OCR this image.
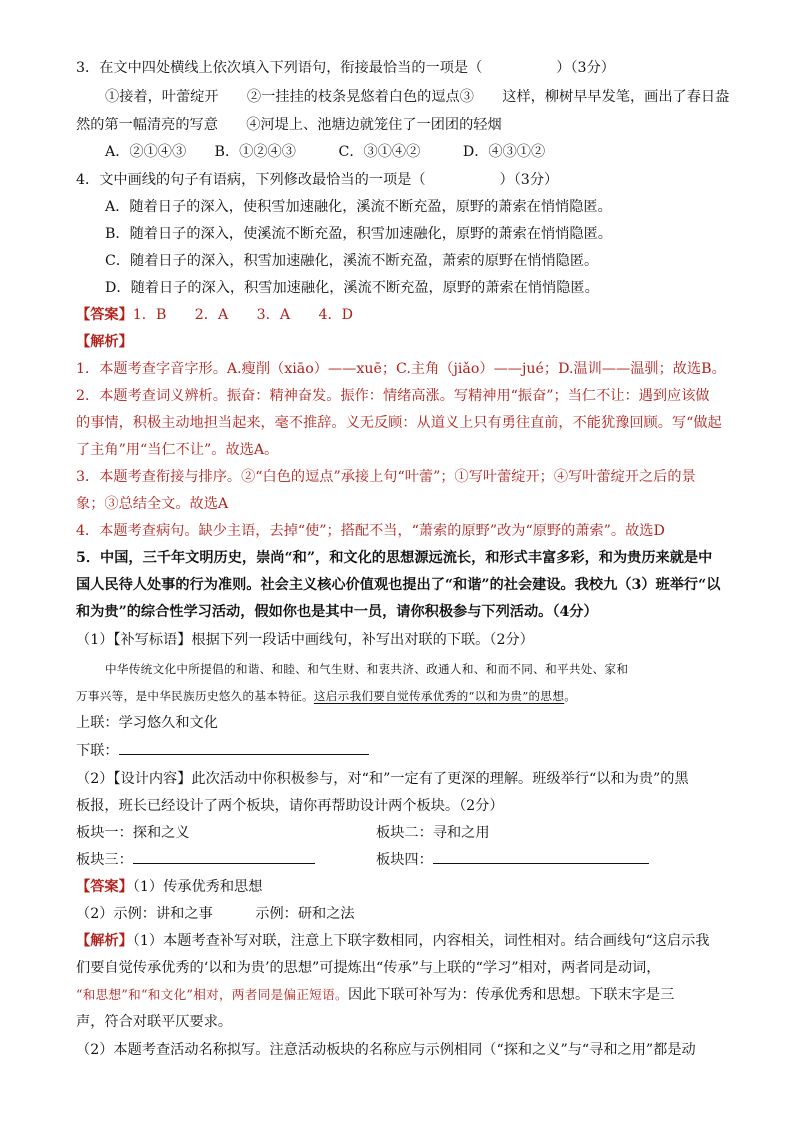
3．在文中四处横线上依次填入下列语句，衔接最恰当的一项是（	）（3分）
①接着，叶蕾绽开　　②一挂挂的枝条晃悠着白色的逗点③　　这样，柳树早早发笔，画出了春日盎
然的第一幅清亮的写意　　④河堤上、池塘边就笼住了一团团的轻烟
A．②①④③　　B．①②④③　　　C．③①④②　　　D．④③①②
4．文中画线的句子有语病，下列修改最恰当的一项是（	）（3分）
A．随着日子的深入，使积雪加速融化，溪流不断充盈，原野的萧索在悄悄隐匿。
B．随着日子的深入，使溪流不断充盈，积雪加速融化，原野的萧索在悄悄隐匿。
C．随着日子的深入，积雪加速融化，溪流不断充盈，萧索的原野在悄悄隐匿。
D．随着日子的深入，积雪加速融化，溪流不断充盈，原野的萧索在悄悄隐匿。
【答案】1．B　　2．A　　3．A　　4．D
【解析】
1．本题考查字音字形。A.瘦削（xiāo）——xuē；C.主角（jiǎo）——jué；D.温训——温驯；故选B。
2．本题考查词义辨析。振奋：精神奋发。振作：情绪高涨。写精神用“振奋”；当仁不让：遇到应该做
的事情，积极主动地担当起来，毫不推辞。义无反顾：从道义上只有勇往直前，不能犹豫回顾。写“做起
了主角”用“当仁不让”。故选A。
3．本题考查衔接与排序。②“白色的逗点”承接上句“叶蕾”；①写叶蕾绽开；④写叶蕾绽开之后的景
象；③总结全文。故选A
4．本题考查病句。缺少主语，去掉“使”；搭配不当，“萧索的原野”改为“原野的萧索”。故选D
5．中国，三千年文明历史，崇尚“和”，和文化的思想源远流长，和形式丰富多彩，和为贵历来就是中
国人民待人处事的行为准则。社会主义核心价值观也提出了“和谐”的社会建设。我校九（3）班举行“以
和为贵”的综合性学习活动，假如你也是其中一员，请你积极参与下列活动。（4分）
（1）【补写标语】根据下列一段话中画线句，补写出对联的下联。（2分）
中华传统文化中所提倡的和谐、和睦、和气生财、和衷共济、政通人和、和而不同、和平共处、家和
万事兴等，是中华民族历史悠久的基本特征。这启示我们要自觉传承优秀的“以和为贵”的思想。
上联：学习悠久和文化
下联：
（2）【设计内容】此次活动中你积极参与，对“和”一定有了更深的理解。班级举行“以和为贵”的黑
板报，班长已经设计了两个板块，请你再帮助设计两个板块。（2分）
板块一：探和之义	板块二：寻和之用
板块三：	板块四：
【答案】（1）传承优秀和思想
（2）示例：讲和之事　　　示例：研和之法
【解析】（1）本题考查补写对联，注意上下联字数相同，内容相关，词性相对。结合画线句“这启示我
们要自觉传承优秀的‘以和为贵’的思想”可提炼出“传承”与上联的“学习”相对，两者同是动词，
“和思想”和“和文化”相对，两者同是偏正短语。因此下联可补写为：传承优秀和思想。下联末字是三
声，符合对联平仄要求。
（2）本题考查活动名称拟写。注意活动板块的名称应与示例相同（“探和之义”与“寻和之用”都是动
